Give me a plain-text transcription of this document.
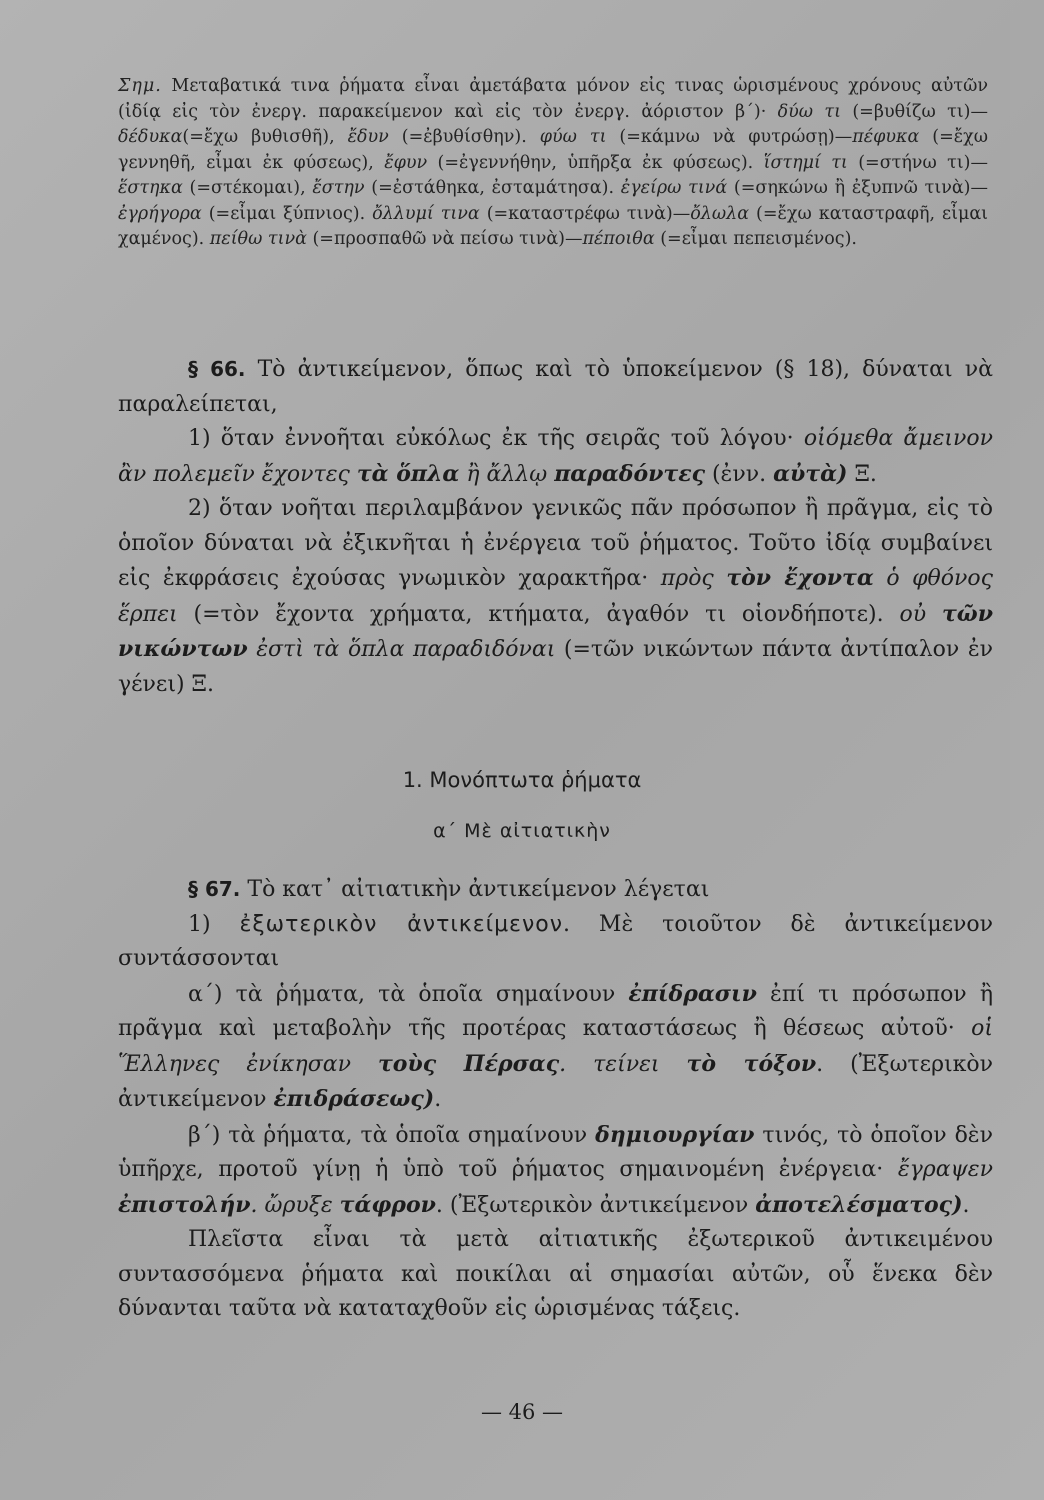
Σημ. Μεταβατικά τινα ῥήματα εἶναι ἀμετάβατα μόνον εἰς τινας ὡρισμένους χρόνους αὐτῶν (ἰδίᾳ εἰς τὸν ἐνεργ. παρακείμενον καὶ εἰς τὸν ἐνεργ. ἀόριστον β΄)· δύω τι (=βυθίζω τι)—δέδυκα(=ἔχω βυθισθῆ), ἔδυν (=ἐβυθίσθην). φύω τι (=κάμνω νὰ φυτρώσῃ)—πέφυκα (=ἔχω γεννηθῆ, εἶμαι ἐκ φύσεως), ἔφυν (=ἐγεννήθην, ὑπῆρξα ἐκ φύσεως). ἵστημί τι (=στήνω τι)—ἕστηκα (=στέκομαι), ἔστην (=ἐστάθηκα, ἐσταμάτησα). ἐγείρω τινά (=σηκώνω ἢ ἐξυπνῶ τινὰ)—ἐγρήγορα (=εἶμαι ξύπνιος). ὄλλυμί τινα (=καταστρέφω τινὰ)—ὄλωλα (=ἔχω καταστραφῆ, εἶμαι χαμένος). πείθω τινὰ (=προσπαθῶ νὰ πείσω τινὰ)—πέποιθα (=εἶμαι πεπεισμένος).

§ 66. Τὸ ἀντικείμενον, ὅπως καὶ τὸ ὑποκείμενον (§ 18), δύναται νὰ παραλείπεται,

1) ὅταν ἐννοῆται εὐκόλως ἐκ τῆς σειρᾶς τοῦ λόγου· οἰόμεθα ἄμεινον ἂν πολεμεῖν ἔχοντες τὰ ὅπλα ἢ ἄλλῳ παραδόντες (ἐνν. αὐτὰ) Ξ.

2) ὅταν νοῆται περιλαμβάνον γενικῶς πᾶν πρόσωπον ἢ πρᾶγμα, εἰς τὸ ὁποῖον δύναται νὰ ἐξικνῆται ἡ ἐνέργεια τοῦ ῥήματος. Τοῦτο ἰδίᾳ συμβαίνει εἰς ἐκφράσεις ἐχούσας γνωμικὸν χαρακτῆρα· πρὸς τὸν ἔχοντα ὁ φθόνος ἕρπει (=τὸν ἔχοντα χρήματα, κτήματα, ἀγαθόν τι οἱονδήποτε). οὐ τῶν νικώντων ἐστὶ τὰ ὅπλα παραδιδόναι (=τῶν νικώντων πάντα ἀντίπαλον ἐν γένει) Ξ.

1. Μονόπτωτα ῥήματα
α΄ Μὲ αἰτιατικὴν

§ 67. Τὸ κατ᾿ αἰτιατικὴν ἀντικείμενον λέγεται

1) ἐξωτερικὸν ἀντικείμενον. Μὲ τοιοῦτον δὲ ἀντικείμενον συντάσσονται

α΄) τὰ ῥήματα, τὰ ὁποῖα σημαίνουν ἐπίδρασιν ἐπί τι πρόσωπον ἢ πρᾶγμα καὶ μεταβολὴν τῆς προτέρας καταστάσεως ἢ θέσεως αὐτοῦ· οἱ Ἕλληνες ἐνίκησαν τοὺς Πέρσας. τείνει τὸ τόξον. (Ἐξωτερικὸν ἀντικείμενον ἐπιδράσεως).

β΄) τὰ ῥήματα, τὰ ὁποῖα σημαίνουν δημιουργίαν τινός, τὸ ὁποῖον δὲν ὑπῆρχε, προτοῦ γίνῃ ἡ ὑπὸ τοῦ ῥήματος σημαινομένη ἐνέργεια· ἔγραψεν ἐπιστολήν. ὤρυξε τάφρον. (Ἐξωτερικὸν ἀντικείμενον ἀποτελέσματος).

Πλεῖστα εἶναι τὰ μετὰ αἰτιατικῆς ἐξωτερικοῦ ἀντικειμένου συντασσόμενα ῥήματα καὶ ποικίλαι αἱ σημασίαι αὐτῶν, οὗ ἕνεκα δὲν δύνανται ταῦτα νὰ καταταχθοῦν εἰς ὡρισμένας τάξεις.

— 46 —
